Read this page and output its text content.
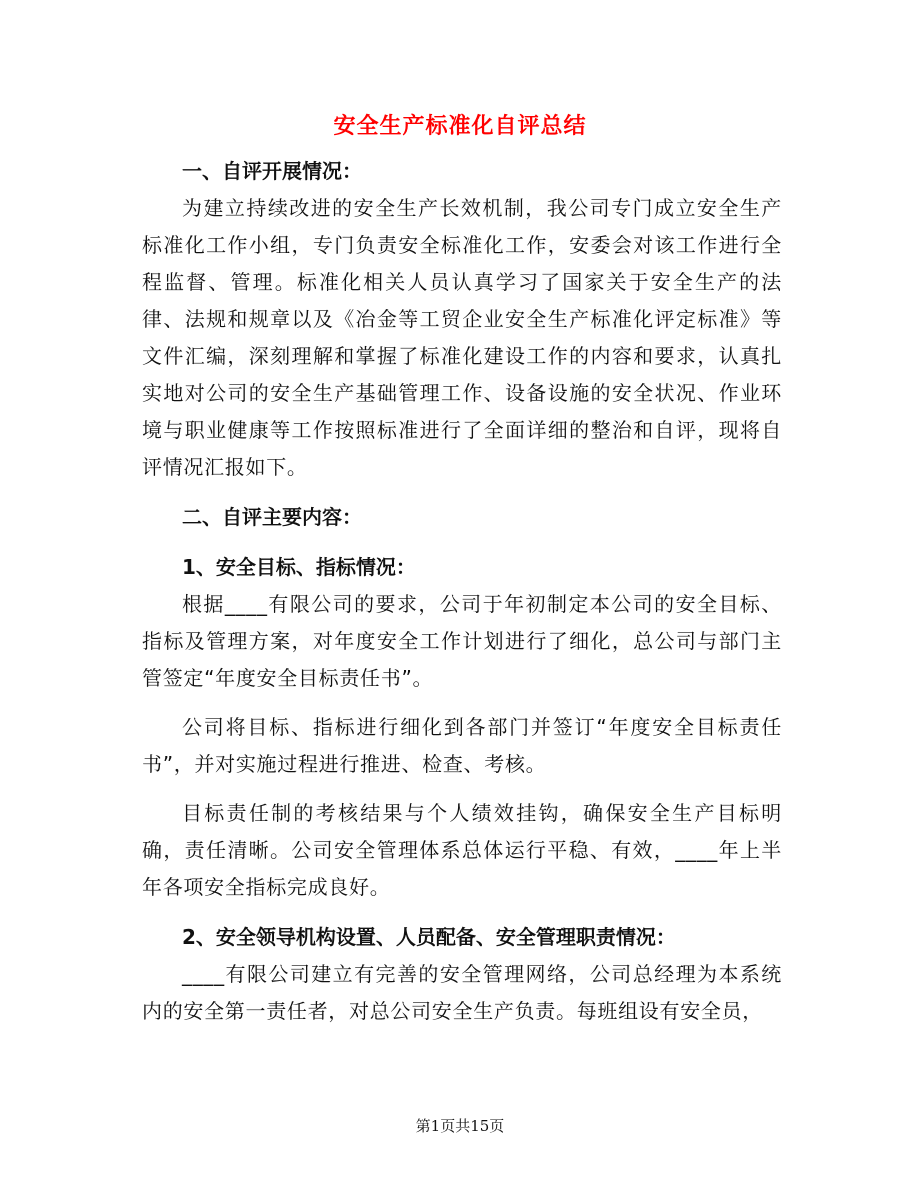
安全生产标准化自评总结

一、自评开展情况：

为建立持续改进的安全生产长效机制，我公司专门成立安全生产标准化工作小组，专门负责安全标准化工作，安委会对该工作进行全程监督、管理。标准化相关人员认真学习了国家关于安全生产的法律、法规和规章以及《冶金等工贸企业安全生产标准化评定标准》等文件汇编，深刻理解和掌握了标准化建设工作的内容和要求，认真扎实地对公司的安全生产基础管理工作、设备设施的安全状况、作业环境与职业健康等工作按照标准进行了全面详细的整治和自评，现将自评情况汇报如下。

二、自评主要内容：

1、安全目标、指标情况：

根据____有限公司的要求，公司于年初制定本公司的安全目标、指标及管理方案，对年度安全工作计划进行了细化，总公司与部门主管签定“年度安全目标责任书”。

公司将目标、指标进行细化到各部门并签订“年度安全目标责任书”，并对实施过程进行推进、检查、考核。

目标责任制的考核结果与个人绩效挂钩，确保安全生产目标明确，责任清晰。公司安全管理体系总体运行平稳、有效，____年上半年各项安全指标完成良好。

2、安全领导机构设置、人员配备、安全管理职责情况：

____有限公司建立有完善的安全管理网络，公司总经理为本系统内的安全第一责任者，对总公司安全生产负责。每班组设有安全员，

第1页共15页
